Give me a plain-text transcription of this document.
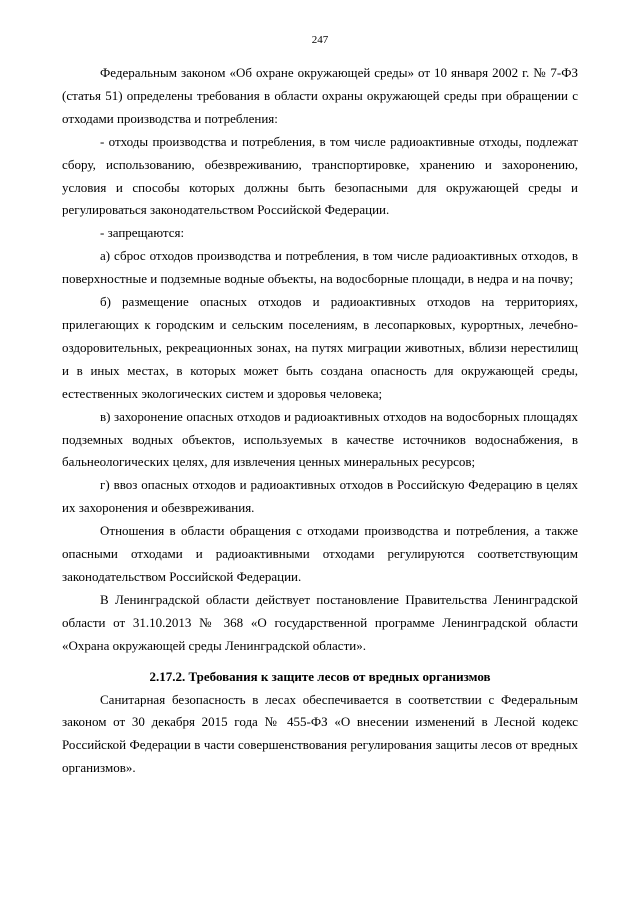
247

Федеральным законом «Об охране окружающей среды» от 10 января 2002 г. № 7-ФЗ (статья 51) определены требования в области охраны окружающей среды при обращении с отходами производства и потребления:

- отходы производства и потребления, в том числе радиоактивные отходы, подлежат сбору, использованию, обезвреживанию, транспортировке, хранению и захоронению, условия и способы которых должны быть безопасными для окружающей среды и регулироваться законодательством Российской Федерации.

- запрещаются:

а) сброс отходов производства и потребления, в том числе радиоактивных отходов, в поверхностные и подземные водные объекты, на водосборные площади, в недра и на почву;

б) размещение опасных отходов и радиоактивных отходов на территориях, прилегающих к городским и сельским поселениям, в лесопарковых, курортных, лечебно-оздоровительных, рекреационных зонах, на путях миграции животных, вблизи нерестилищ и в иных местах, в которых может быть создана опасность для окружающей среды, естественных экологических систем и здоровья человека;

в) захоронение опасных отходов и радиоактивных отходов на водосборных площадях подземных водных объектов, используемых в качестве источников водоснабжения, в бальнеологических целях, для извлечения ценных минеральных ресурсов;

г) ввоз опасных отходов и радиоактивных отходов в Российскую Федерацию в целях их захоронения и обезвреживания.

Отношения в области обращения с отходами производства и потребления, а также опасными отходами и радиоактивными отходами регулируются соответствующим законодательством Российской Федерации.

В Ленинградской области действует постановление Правительства Ленинградской области от 31.10.2013 № 368 «О государственной программе Ленинградской области «Охрана окружающей среды Ленинградской области».

2.17.2. Требования к защите лесов от вредных организмов

Санитарная безопасность в лесах обеспечивается в соответствии с Федеральным законом от 30 декабря 2015 года № 455-ФЗ «О внесении изменений в Лесной кодекс Российской Федерации в части совершенствования регулирования защиты лесов от вредных организмов».
